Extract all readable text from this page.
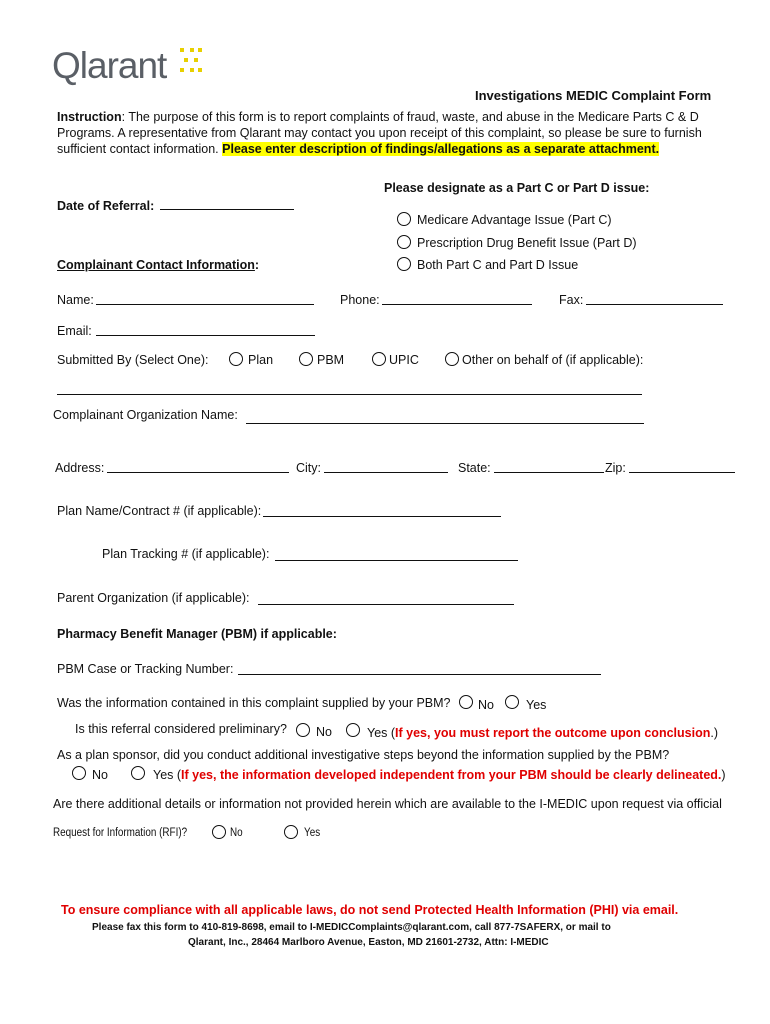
Qlarant
Investigations MEDIC Complaint Form
Instruction: The purpose of this form is to report complaints of fraud, waste, and abuse in the Medicare Parts C & D
Programs. A representative from Qlarant may contact you upon receipt of this complaint, so please be sure to furnish
sufficient contact information. Please enter description of findings/allegations as a separate attachment.
Please designate as a Part C or Part D issue:
Medicare Advantage Issue (Part C)
Prescription Drug Benefit Issue (Part D)
Both Part C and Part D Issue
Date of Referral:
Complainant Contact Information:
Name:	Phone:	Fax:
Email:
Submitted By (Select One):	Plan	PBM	UPIC	Other on behalf of (if applicable):
Complainant Organization Name:
Address:	City:	State:	Zip:
Plan Name/Contract # (if applicable):
Plan Tracking # (if applicable):
Parent Organization (if applicable):
Pharmacy Benefit Manager (PBM) if applicable:
PBM Case or Tracking Number:
Was the information contained in this complaint supplied by your PBM? No	Yes
Is this referral considered preliminary? No	Yes (If yes, you must report the outcome upon conclusion.)
As a plan sponsor, did you conduct additional investigative steps beyond the information supplied by the PBM?
No	Yes (If yes, the information developed independent from your PBM should be clearly delineated.)
Are there additional details or information not provided herein which are available to the I-MEDIC upon request via official
Request for Information (RFI)?	No	Yes
To ensure compliance with all applicable laws, do not send Protected Health Information (PHI) via email.
Please fax this form to 410-819-8698, email to I-MEDICComplaints@qlarant.com, call 877-7SAFERX, or mail to
Qlarant, Inc., 28464 Marlboro Avenue, Easton, MD 21601-2732, Attn: I-MEDIC
